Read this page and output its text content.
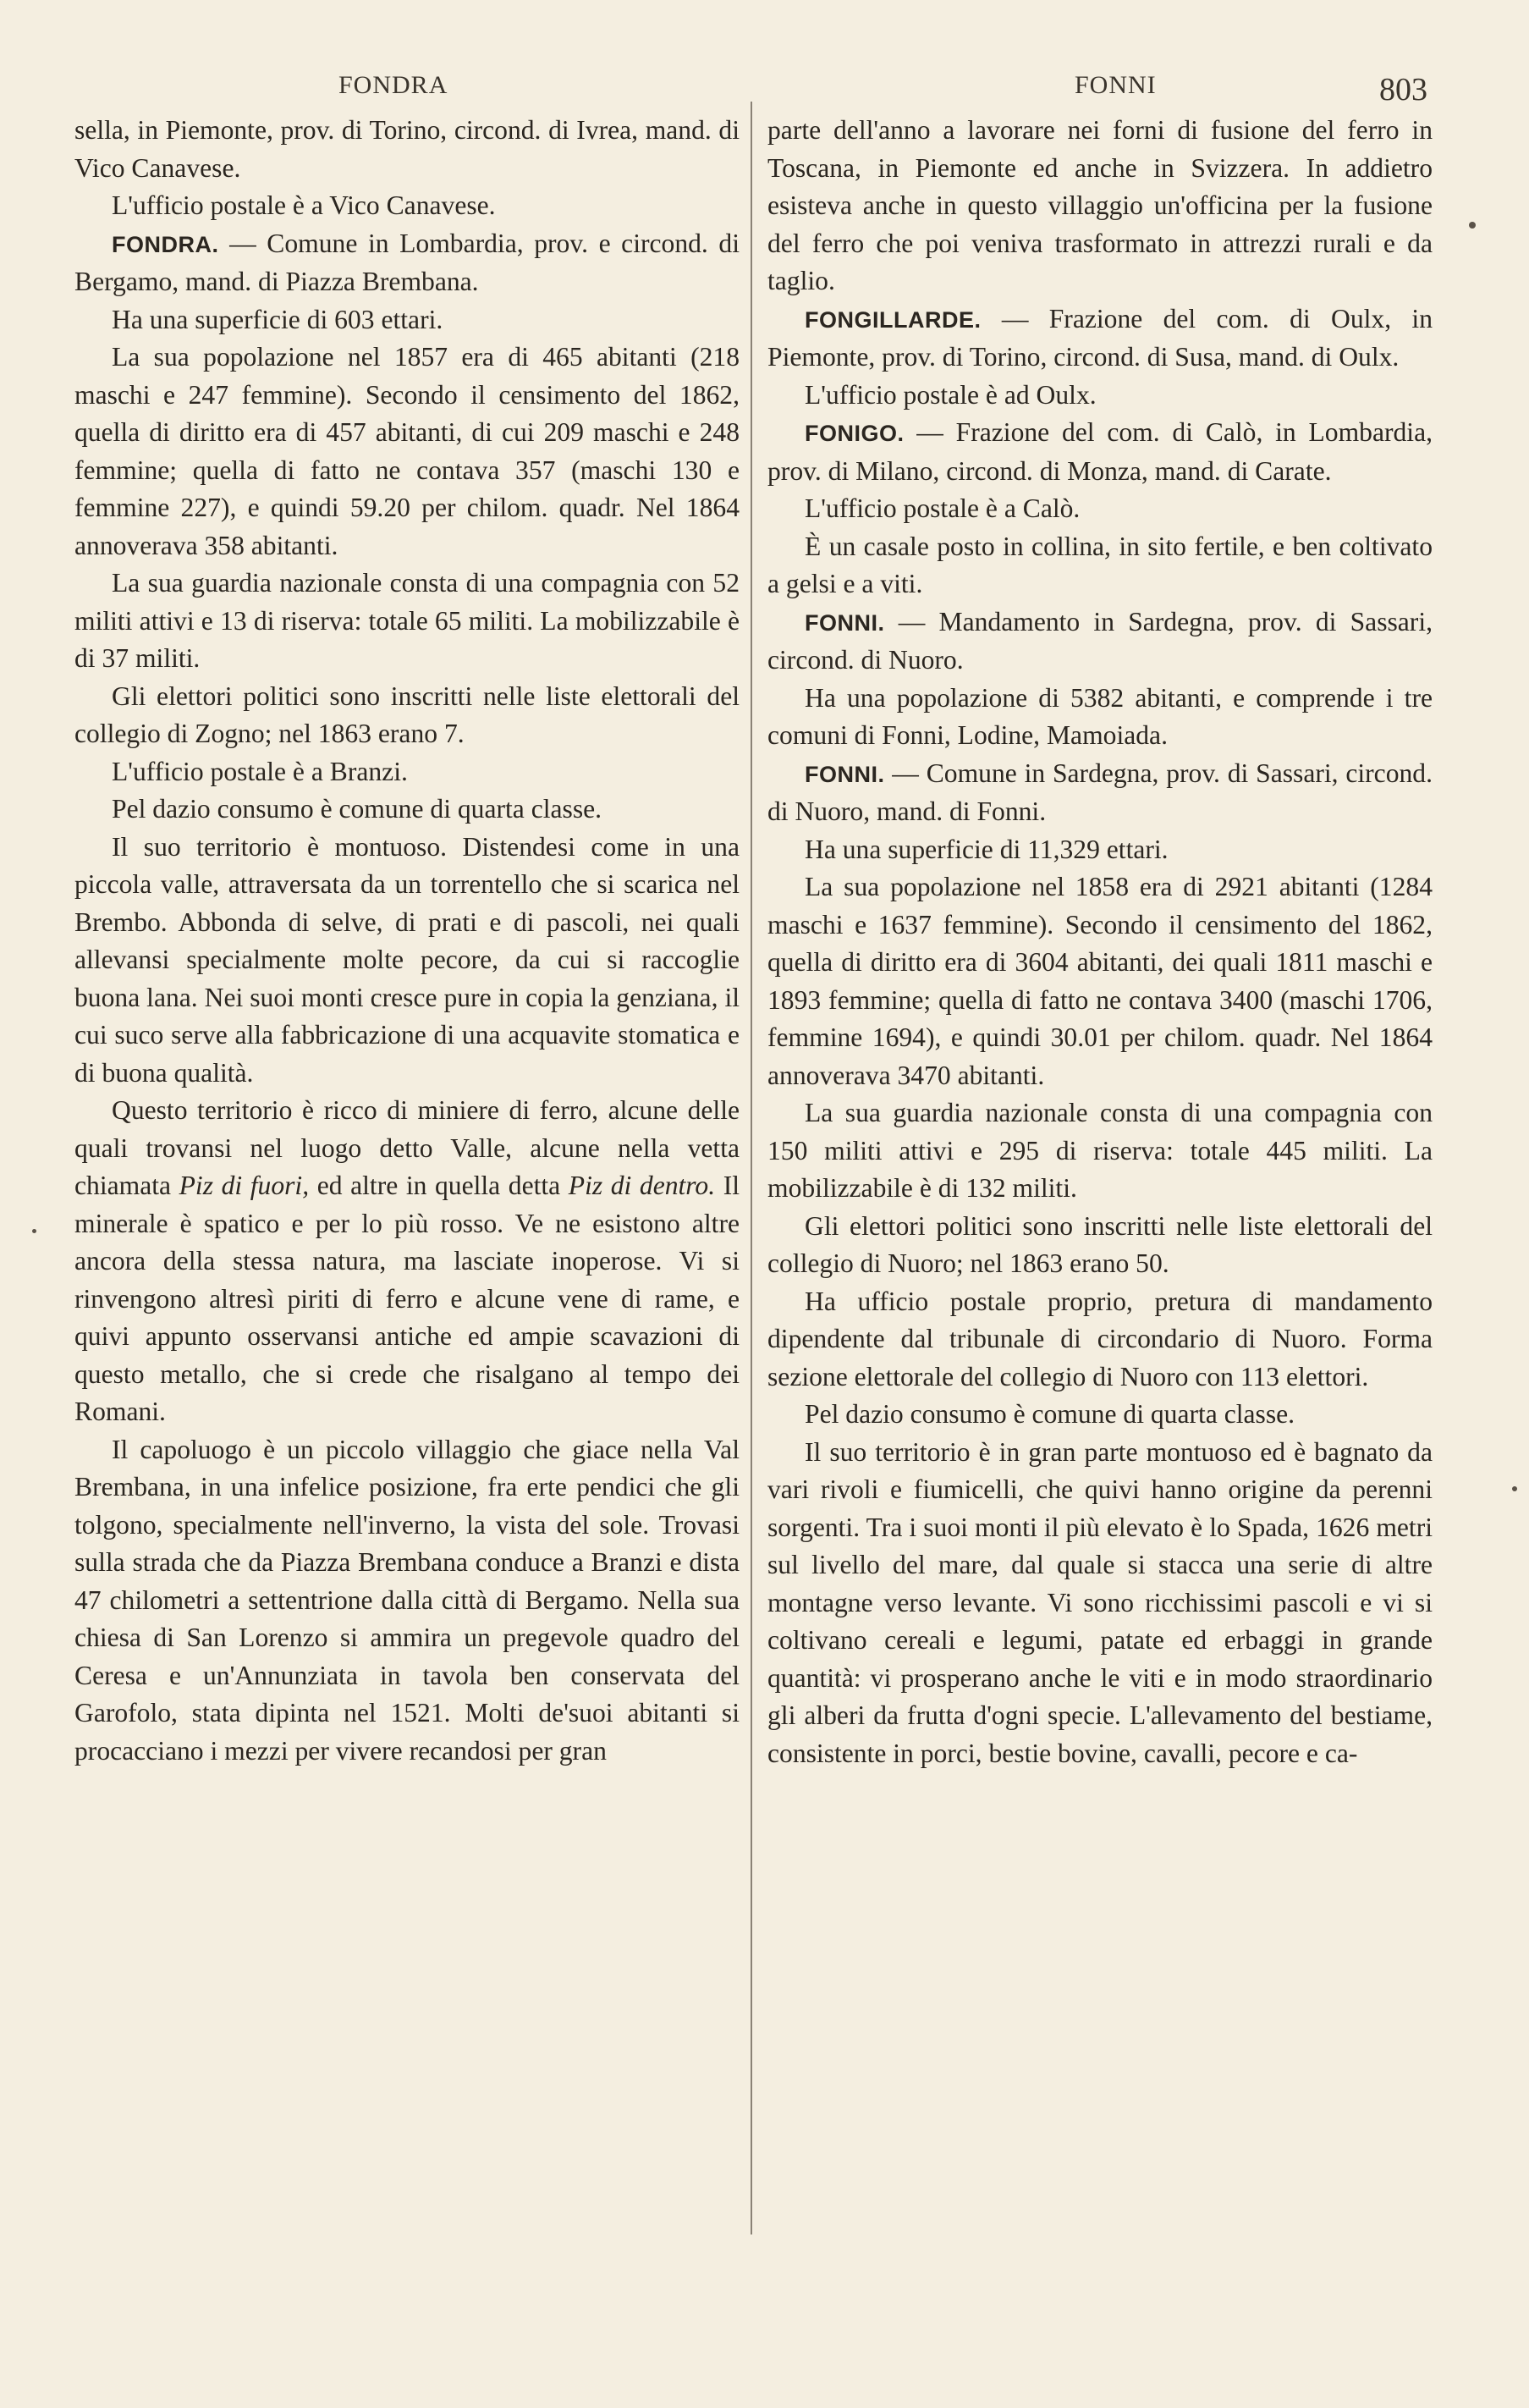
FONDRA	FONNI	803

sella, in Piemonte, prov. di Torino, circond. di Ivrea, mand. di Vico Canavese.

L'ufficio postale è a Vico Canavese.

FONDRA. — Comune in Lombardia, prov. e circond. di Bergamo, mand. di Piazza Brembana.

Ha una superficie di 603 ettari.

La sua popolazione nel 1857 era di 465 abitanti (218 maschi e 247 femmine). Secondo il censimento del 1862, quella di diritto era di 457 abitanti, di cui 209 maschi e 248 femmine; quella di fatto ne contava 357 (maschi 130 e femmine 227), e quindi 59.20 per chilom. quadr. Nel 1864 annoverava 358 abitanti.

La sua guardia nazionale consta di una compagnia con 52 militi attivi e 13 di riserva: totale 65 militi. La mobilizzabile è di 37 militi.

Gli elettori politici sono inscritti nelle liste elettorali del collegio di Zogno; nel 1863 erano 7.

L'ufficio postale è a Branzi.

Pel dazio consumo è comune di quarta classe.

Il suo territorio è montuoso. Distendesi come in una piccola valle, attraversata da un torrentello che si scarica nel Brembo. Abbonda di selve, di prati e di pascoli, nei quali allevansi specialmente molte pecore, da cui si raccoglie buona lana. Nei suoi monti cresce pure in copia la genziana, il cui suco serve alla fabbricazione di una acquavite stomatica e di buona qualità.

Questo territorio è ricco di miniere di ferro, alcune delle quali trovansi nel luogo detto Valle, alcune nella vetta chiamata Piz di fuori, ed altre in quella detta Piz di dentro. Il minerale è spatico e per lo più rosso. Ve ne esistono altre ancora della stessa natura, ma lasciate inoperose. Vi si rinvengono altresì piriti di ferro e alcune vene di rame, e quivi appunto osservansi antiche ed ampie scavazioni di questo metallo, che si crede che risalgano al tempo dei Romani.

Il capoluogo è un piccolo villaggio che giace nella Val Brembana, in una infelice posizione, fra erte pendici che gli tolgono, specialmente nell'inverno, la vista del sole. Trovasi sulla strada che da Piazza Brembana conduce a Branzi e dista 47 chilometri a settentrione dalla città di Bergamo. Nella sua chiesa di San Lorenzo si ammira un pregevole quadro del Ceresa e un'Annunziata in tavola ben conservata del Garofolo, stata dipinta nel 1521. Molti de'suoi abitanti si procacciano i mezzi per vivere recandosi per gran

parte dell'anno a lavorare nei forni di fusione del ferro in Toscana, in Piemonte ed anche in Svizzera. In addietro esisteva anche in questo villaggio un'officina per la fusione del ferro che poi veniva trasformato in attrezzi rurali e da taglio.

FONGILLARDE. — Frazione del com. di Oulx, in Piemonte, prov. di Torino, circond. di Susa, mand. di Oulx.

L'ufficio postale è ad Oulx.

FONIGO. — Frazione del com. di Calò, in Lombardia, prov. di Milano, circond. di Monza, mand. di Carate.

L'ufficio postale è a Calò.

È un casale posto in collina, in sito fertile, e ben coltivato a gelsi e a viti.

FONNI. — Mandamento in Sardegna, prov. di Sassari, circond. di Nuoro.

Ha una popolazione di 5382 abitanti, e comprende i tre comuni di Fonni, Lodine, Mamoiada.

FONNI. — Comune in Sardegna, prov. di Sassari, circond. di Nuoro, mand. di Fonni.

Ha una superficie di 11,329 ettari.

La sua popolazione nel 1858 era di 2921 abitanti (1284 maschi e 1637 femmine). Secondo il censimento del 1862, quella di diritto era di 3604 abitanti, dei quali 1811 maschi e 1893 femmine; quella di fatto ne contava 3400 (maschi 1706, femmine 1694), e quindi 30.01 per chilom. quadr. Nel 1864 annoverava 3470 abitanti.

La sua guardia nazionale consta di una compagnia con 150 militi attivi e 295 di riserva: totale 445 militi. La mobilizzabile è di 132 militi.

Gli elettori politici sono inscritti nelle liste elettorali del collegio di Nuoro; nel 1863 erano 50.

Ha ufficio postale proprio, pretura di mandamento dipendente dal tribunale di circondario di Nuoro. Forma sezione elettorale del collegio di Nuoro con 113 elettori.

Pel dazio consumo è comune di quarta classe.

Il suo territorio è in gran parte montuoso ed è bagnato da vari rivoli e fiumicelli, che quivi hanno origine da perenni sorgenti. Tra i suoi monti il più elevato è lo Spada, 1626 metri sul livello del mare, dal quale si stacca una serie di altre montagne verso levante. Vi sono ricchissimi pascoli e vi si coltivano cereali e legumi, patate ed erbaggi in grande quantità: vi prosperano anche le viti e in modo straordinario gli alberi da frutta d'ogni specie. L'allevamento del bestiame, consistente in porci, bestie bovine, cavalli, pecore e ca-
